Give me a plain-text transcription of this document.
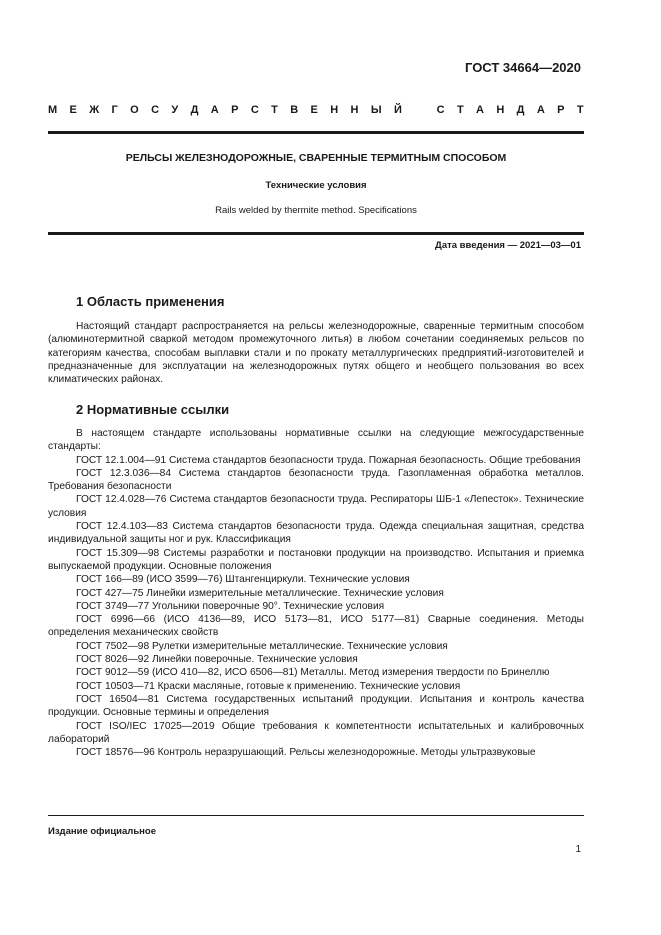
ГОСТ 34664—2020
М Е Ж Г О С У Д А Р С Т В Е Н Н Ы Й	С Т А Н Д А Р Т
РЕЛЬСЫ ЖЕЛЕЗНОДОРОЖНЫЕ, СВАРЕННЫЕ ТЕРМИТНЫМ СПОСОБОМ
Технические условия
Rails welded by thermite method. Specifications
Дата введения — 2021—03—01
1 Область применения

Настоящий стандарт распространяется на рельсы железнодорожные, сваренные термитным способом (алюминотермитной сваркой методом промежуточного литья) в любом сочетании соединяемых рельсов по категориям качества, способам выплавки стали и по прокату металлургических предприятий-изготовителей и предназначенные для эксплуатации на железнодорожных путях общего и необщего пользования во всех климатических районах.

2 Нормативные ссылки
В настоящем стандарте использованы нормативные ссылки на следующие межгосударственные стандарты:
ГОСТ 12.1.004—91 Система стандартов безопасности труда. Пожарная безопасность. Общие требования
ГОСТ 12.3.036—84 Система стандартов безопасности труда. Газопламенная обработка металлов. Требования безопасности
ГОСТ 12.4.028—76 Система стандартов безопасности труда. Респираторы ШБ-1 «Лепесток». Технические условия
ГОСТ 12.4.103—83 Система стандартов безопасности труда. Одежда специальная защитная, средства индивидуальной защиты ног и рук. Классификация
ГОСТ 15.309—98 Системы разработки и постановки продукции на производство. Испытания и приемка выпускаемой продукции. Основные положения
ГОСТ 166—89 (ИСО 3599—76) Штангенциркули. Технические условия
ГОСТ 427—75 Линейки измерительные металлические. Технические условия
ГОСТ 3749—77 Угольники поверочные 90°. Технические условия
ГОСТ 6996—66 (ИСО 4136—89, ИСО 5173—81, ИСО 5177—81) Сварные соединения. Методы определения механических свойств
ГОСТ 7502—98 Рулетки измерительные металлические. Технические условия
ГОСТ 8026—92 Линейки поверочные. Технические условия
ГОСТ 9012—59 (ИСО 410—82, ИСО 6506—81) Металлы. Метод измерения твердости по Бринеллю
ГОСТ 10503—71 Краски масляные, готовые к применению. Технические условия
ГОСТ 16504—81 Система государственных испытаний продукции. Испытания и контроль качества продукции. Основные термины и определения
ГОСТ ISO/IEC 17025—2019 Общие требования к компетентности испытательных и калибровочных лабораторий
ГОСТ 18576—96 Контроль неразрушающий. Рельсы железнодорожные. Методы ультразвуковые
Издание официальное
1
